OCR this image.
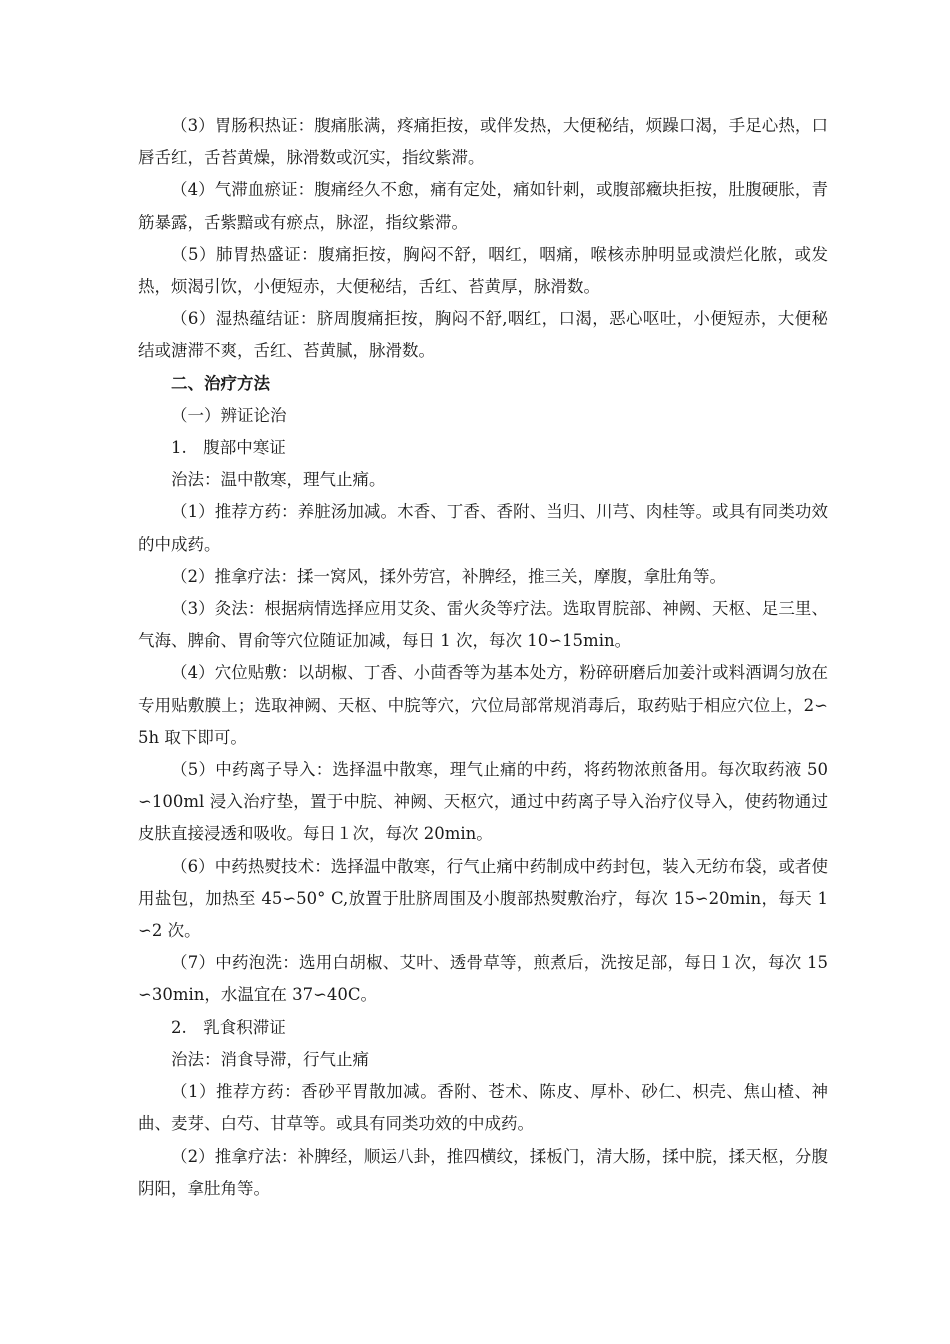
（3）胃肠积热证：腹痛胀满，疼痛拒按，或伴发热，大便秘结，烦躁口渴，手足心热，口唇舌红，舌苔黄燥，脉滑数或沉实，指纹紫滞。

（4）气滞血瘀证：腹痛经久不愈，痛有定处，痛如针刺，或腹部癥块拒按，肚腹硬胀，青筋暴露，舌紫黯或有瘀点，脉涩，指纹紫滞。

（5）肺胃热盛证：腹痛拒按，胸闷不舒，咽红，咽痛，喉核赤肿明显或溃烂化脓，或发热，烦渴引饮，小便短赤，大便秘结，舌红、苔黄厚，脉滑数。

（6）湿热蕴结证：脐周腹痛拒按，胸闷不舒,咽红，口渴，恶心呕吐，小便短赤，大便秘结或溏滞不爽，舌红、苔黄腻，脉滑数。

二、治疗方法

（一）辨证论治

1.　腹部中寒证

治法：温中散寒，理气止痛。

（1）推荐方药：养脏汤加减。木香、丁香、香附、当归、川芎、肉桂等。或具有同类功效的中成药。

（2）推拿疗法：揉一窝风，揉外劳宫，补脾经，推三关，摩腹，拿肚角等。

（3）灸法：根据病情选择应用艾灸、雷火灸等疗法。选取胃脘部、神阙、天枢、足三里、气海、脾俞、胃俞等穴位随证加减，每日 1 次，每次 10∽15min。

（4）穴位贴敷：以胡椒、丁香、小茴香等为基本处方，粉碎研磨后加姜汁或料酒调匀放在专用贴敷膜上；选取神阙、天枢、中脘等穴，穴位局部常规消毒后，取药贴于相应穴位上，2∽5h 取下即可。

（5）中药离子导入：选择温中散寒，理气止痛的中药，将药物浓煎备用。每次取药液 50∽100ml 浸入治疗垫，置于中脘、神阙、天枢穴，通过中药离子导入治疗仪导入，使药物通过皮肤直接浸透和吸收。每日１次，每次 20min。

（6）中药热熨技术：选择温中散寒，行气止痛中药制成中药封包，装入无纺布袋，或者使用盐包，加热至 45∽50° C,放置于肚脐周围及小腹部热熨敷治疗，每次 15∽20min，每天 1∽2 次。

（7）中药泡洗：选用白胡椒、艾叶、透骨草等，煎煮后，洗按足部，每日１次，每次 15∽30min，水温宜在 37∽40C。

2.　乳食积滞证

治法：消食导滞，行气止痛

（1）推荐方药：香砂平胃散加减。香附、苍术、陈皮、厚朴、砂仁、枳壳、焦山楂、神曲、麦芽、白芍、甘草等。或具有同类功效的中成药。

（2）推拿疗法：补脾经，顺运八卦，推四横纹，揉板门，清大肠，揉中脘，揉天枢，分腹阴阳，拿肚角等。
